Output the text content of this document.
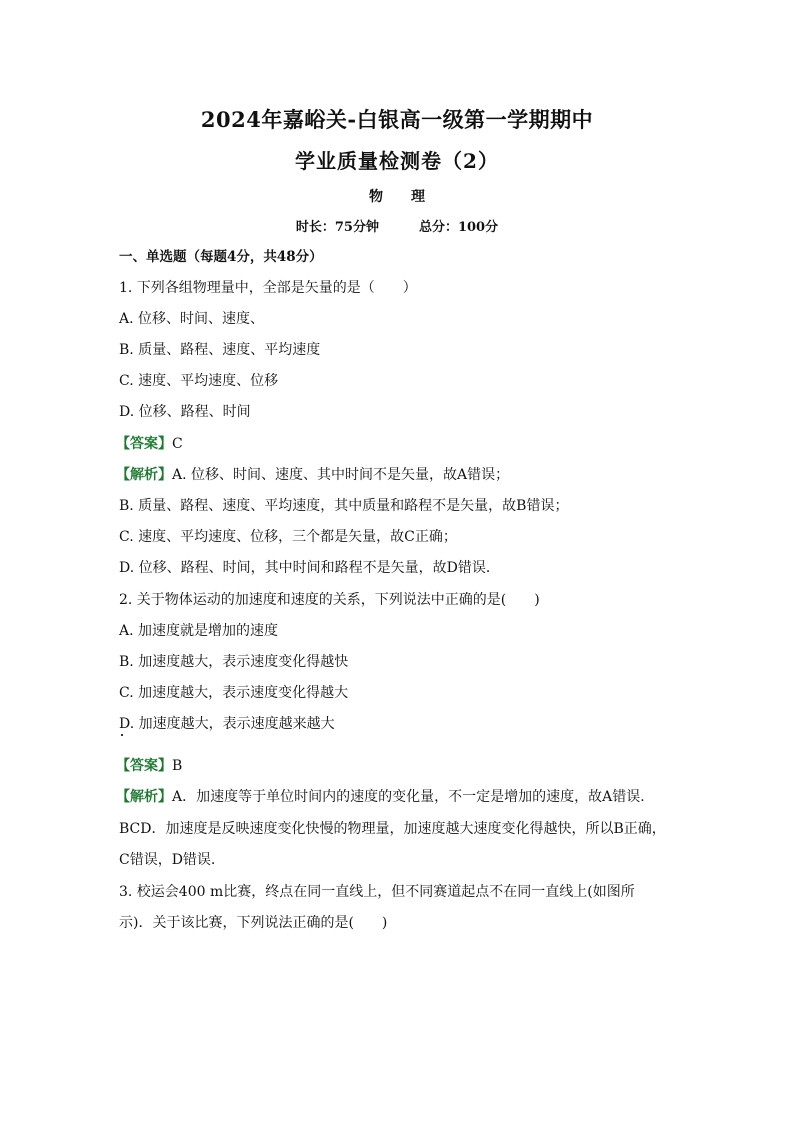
2024年嘉峪关-白银高一级第一学期期中
学业质量检测卷（2）
物理
时长：75分钟	总分：100分
一、单选题（每题4分，共48分）
1. 下列各组物理量中，全部是矢量的是（　　）
A. 位移、时间、速度、
B. 质量、路程、速度、平均速度
C. 速度、平均速度、位移
D. 位移、路程、时间
【答案】C
【解析】A. 位移、时间、速度、其中时间不是矢量，故A错误；
B. 质量、路程、速度、平均速度，其中质量和路程不是矢量，故B错误；
C. 速度、平均速度、位移，三个都是矢量，故C正确；
D. 位移、路程、时间，其中时间和路程不是矢量，故D错误．
2. 关于物体运动的加速度和速度的关系，下列说法中正确的是(　　)
A. 加速度就是增加的速度
B. 加速度越大，表示速度变化得越快
C. 加速度越大，表示速度变化得越大
D. 加速度越大，表示速度越来越大
【答案】B
【解析】A．加速度等于单位时间内的速度的变化量，不一定是增加的速度，故A错误.
BCD．加速度是反映速度变化快慢的物理量，加速度越大速度变化得越快，所以B正确，
C错误，D错误.
3. 校运会400 m比赛，终点在同一直线上，但不同赛道起点不在同一直线上(如图所
示)．关于该比赛，下列说法正确的是(　　)
